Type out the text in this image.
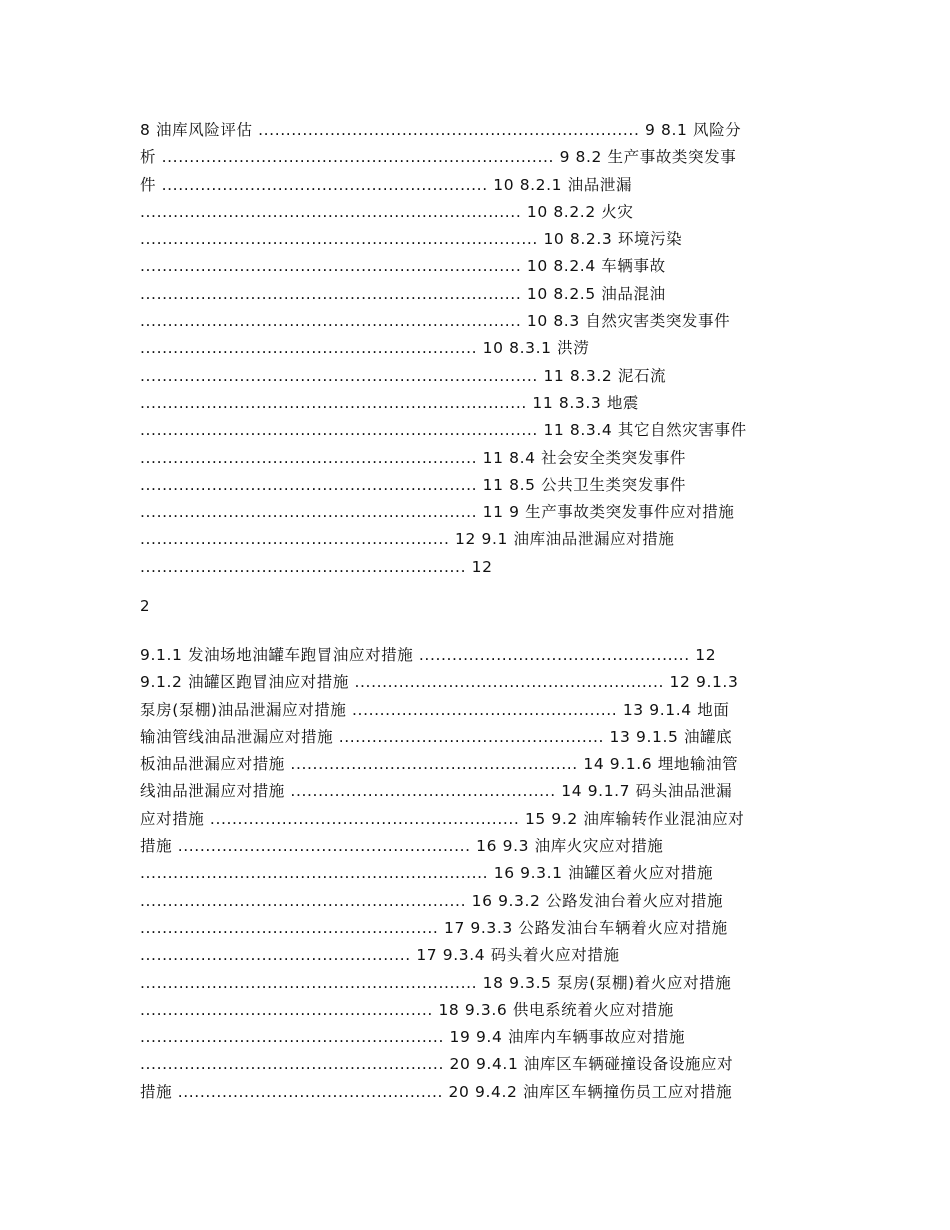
8 油库风险评估 ..................................................................... 9 8.1 风险分
析 ....................................................................... 9 8.2 生产事故类突发事
件 ........................................................... 10 8.2.1 油品泄漏
..................................................................... 10 8.2.2 火灾
........................................................................ 10 8.2.3 环境污染
..................................................................... 10 8.2.4 车辆事故
..................................................................... 10 8.2.5 油品混油
..................................................................... 10 8.3 自然灾害类突发事件
............................................................. 10 8.3.1 洪涝
........................................................................ 11 8.3.2 泥石流
...................................................................... 11 8.3.3 地震
........................................................................ 11 8.3.4 其它自然灾害事件
............................................................. 11 8.4 社会安全类突发事件
............................................................. 11 8.5 公共卫生类突发事件
............................................................. 11 9 生产事故类突发事件应对措施
........................................................ 12 9.1 油库油品泄漏应对措施
........................................................... 12
2
9.1.1 发油场地油罐车跑冒油应对措施 ................................................. 12
9.1.2 油罐区跑冒油应对措施 ........................................................ 12 9.1.3
泵房(泵棚)油品泄漏应对措施 ................................................ 13 9.1.4 地面
输油管线油品泄漏应对措施 ................................................ 13 9.1.5 油罐底
板油品泄漏应对措施 .................................................... 14 9.1.6 埋地输油管
线油品泄漏应对措施 ................................................ 14 9.1.7 码头油品泄漏
应对措施 ........................................................ 15 9.2 油库输转作业混油应对
措施 ..................................................... 16 9.3 油库火灾应对措施
............................................................... 16 9.3.1 油罐区着火应对措施
........................................................... 16 9.3.2 公路发油台着火应对措施
...................................................... 17 9.3.3 公路发油台车辆着火应对措施
................................................. 17 9.3.4 码头着火应对措施
............................................................. 18 9.3.5 泵房(泵棚)着火应对措施
..................................................... 18 9.3.6 供电系统着火应对措施
....................................................... 19 9.4 油库内车辆事故应对措施
....................................................... 20 9.4.1 油库区车辆碰撞设备设施应对
措施 ................................................ 20 9.4.2 油库区车辆撞伤员工应对措施
